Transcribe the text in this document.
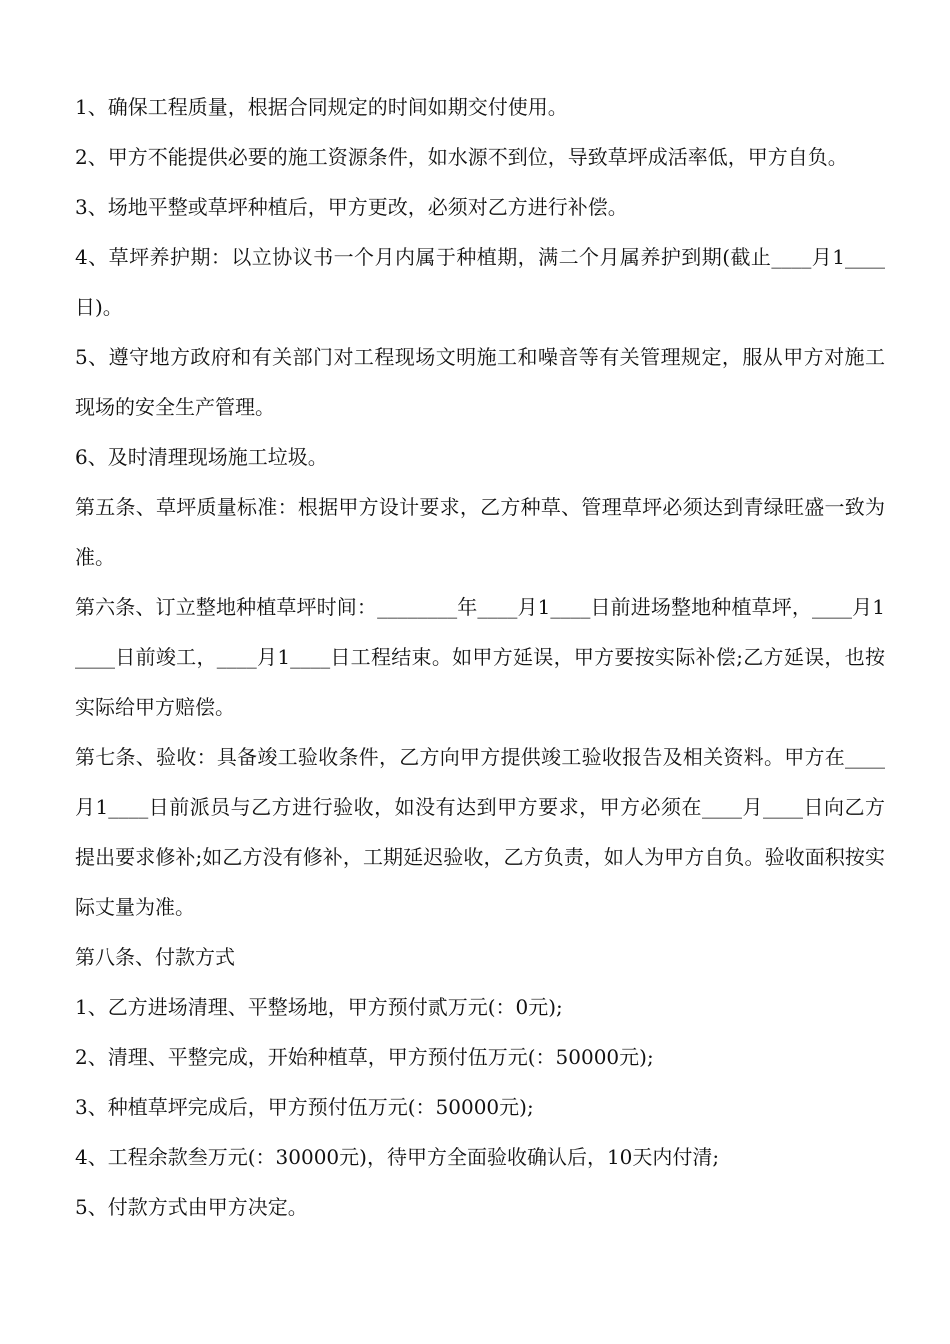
1、确保工程质量，根据合同规定的时间如期交付使用。

2、甲方不能提供必要的施工资源条件，如水源不到位，导致草坪成活率低，甲方自负。

3、场地平整或草坪种植后，甲方更改，必须对乙方进行补偿。

4、草坪养护期：以立协议书一个月内属于种植期，满二个月属养护到期(截止____月1____日)。

5、遵守地方政府和有关部门对工程现场文明施工和噪音等有关管理规定，服从甲方对施工现场的安全生产管理。

6、及时清理现场施工垃圾。

第五条、草坪质量标准：根据甲方设计要求，乙方种草、管理草坪必须达到青绿旺盛一致为准。

第六条、订立整地种植草坪时间：________年____月1____日前进场整地种植草坪，____月1____日前竣工，____月1____日工程结束。如甲方延误，甲方要按实际补偿;乙方延误，也按实际给甲方赔偿。

第七条、验收：具备竣工验收条件，乙方向甲方提供竣工验收报告及相关资料。甲方在____月1____日前派员与乙方进行验收，如没有达到甲方要求，甲方必须在____月____日向乙方提出要求修补;如乙方没有修补，工期延迟验收，乙方负责，如人为甲方自负。验收面积按实际丈量为准。

第八条、付款方式

1、乙方进场清理、平整场地，甲方预付贰万元(：0元);

2、清理、平整完成，开始种植草，甲方预付伍万元(：50000元);

3、种植草坪完成后，甲方预付伍万元(：50000元);

4、工程余款叁万元(：30000元)，待甲方全面验收确认后，10天内付清;

5、付款方式由甲方决定。
